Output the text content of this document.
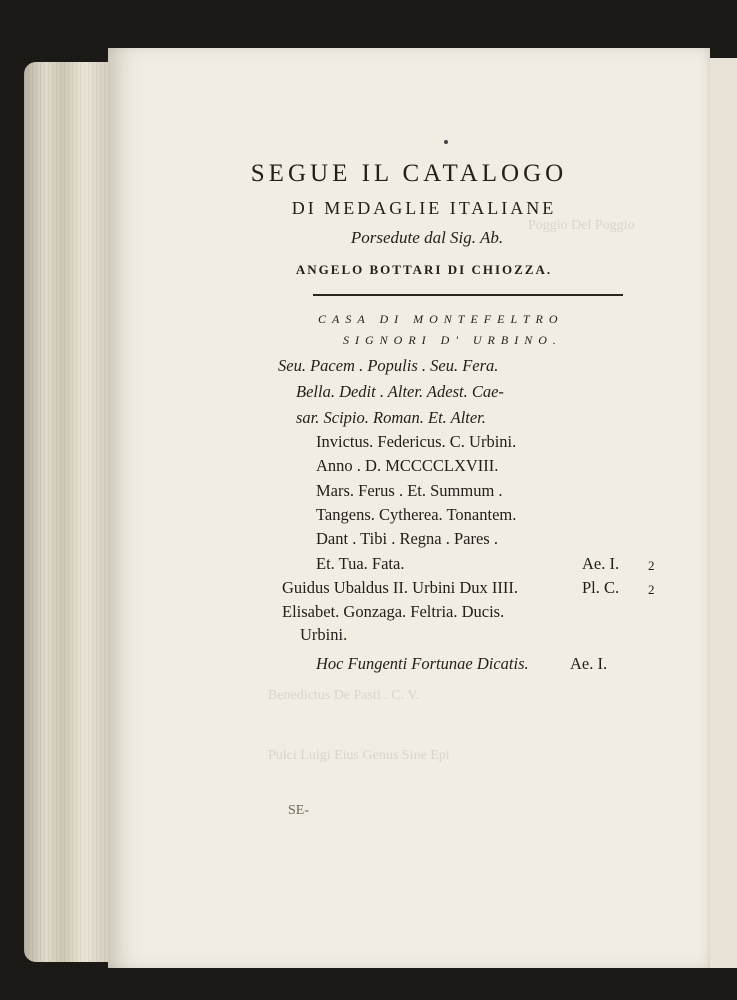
Poggio Del Poggio
Benedictus De Pasti . C. V.
Pulci Luigi Eius Genus Sine Epi
SEGUE IL CATALOGO
DI MEDAGLIE ITALIANE
Porsedute dal Sig. Ab.
ANGELO BOTTARI DI CHIOZZA.
CASA DI MONTEFELTRO
SIGNORI D' URBINO.
Seu. Pacem . Populis . Seu. Fera.
Bella. Dedit . Alter. Adest. Cae-
sar. Scipio. Roman. Et. Alter.
Invictus. Federicus. C. Urbini.
Anno . D. MCCCCLXVIII.
Mars. Ferus . Et. Summum .
Tangens. Cytherea. Tonantem.
Dant . Tibi . Regna . Pares .
Et. Tua. Fata.
Guidus Ubaldus II. Urbini Dux IIII.
Elisabet. Gonzaga. Feltria. Ducis.
Urbini.
Hoc Fungenti Fortunae Dicatis.
Ae. I. 2
Pl. C. 2
Ae. I.
SE-
